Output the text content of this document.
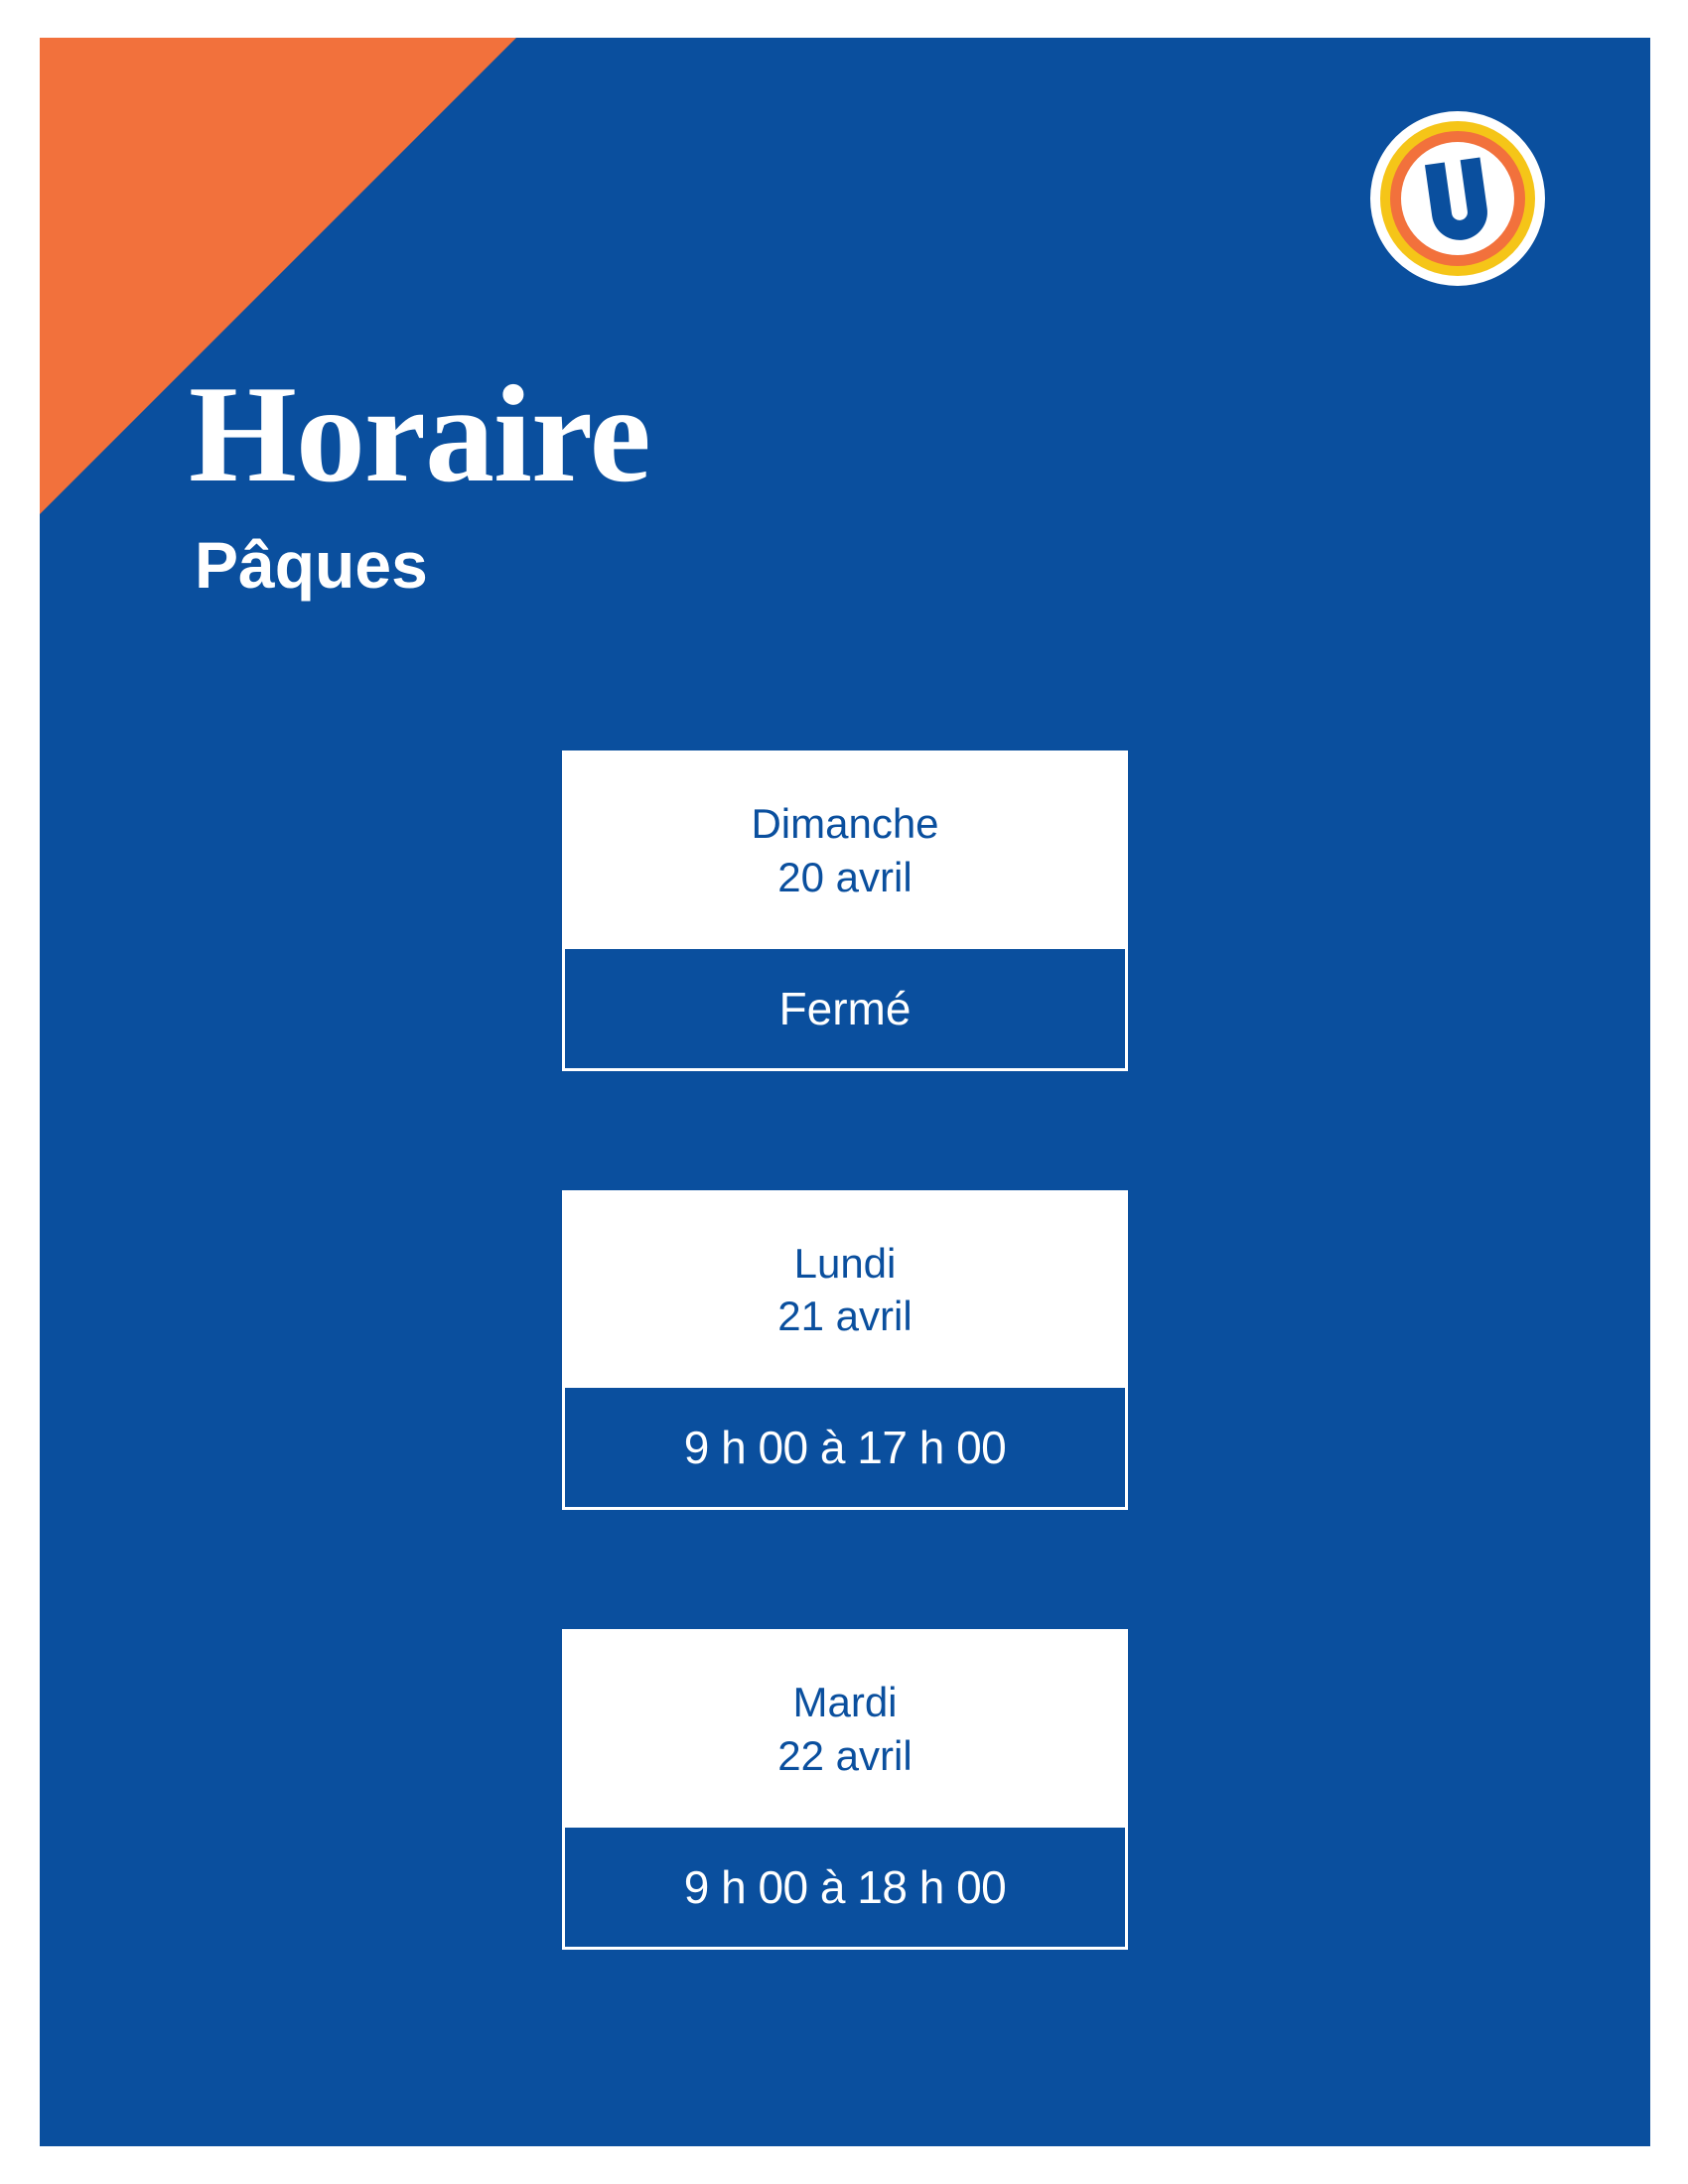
Horaire
Pâques
Dimanche
20 avril
Fermé
Lundi
21 avril
9 h 00 à 17 h 00
Mardi
22 avril
9 h 00 à 18 h 00
